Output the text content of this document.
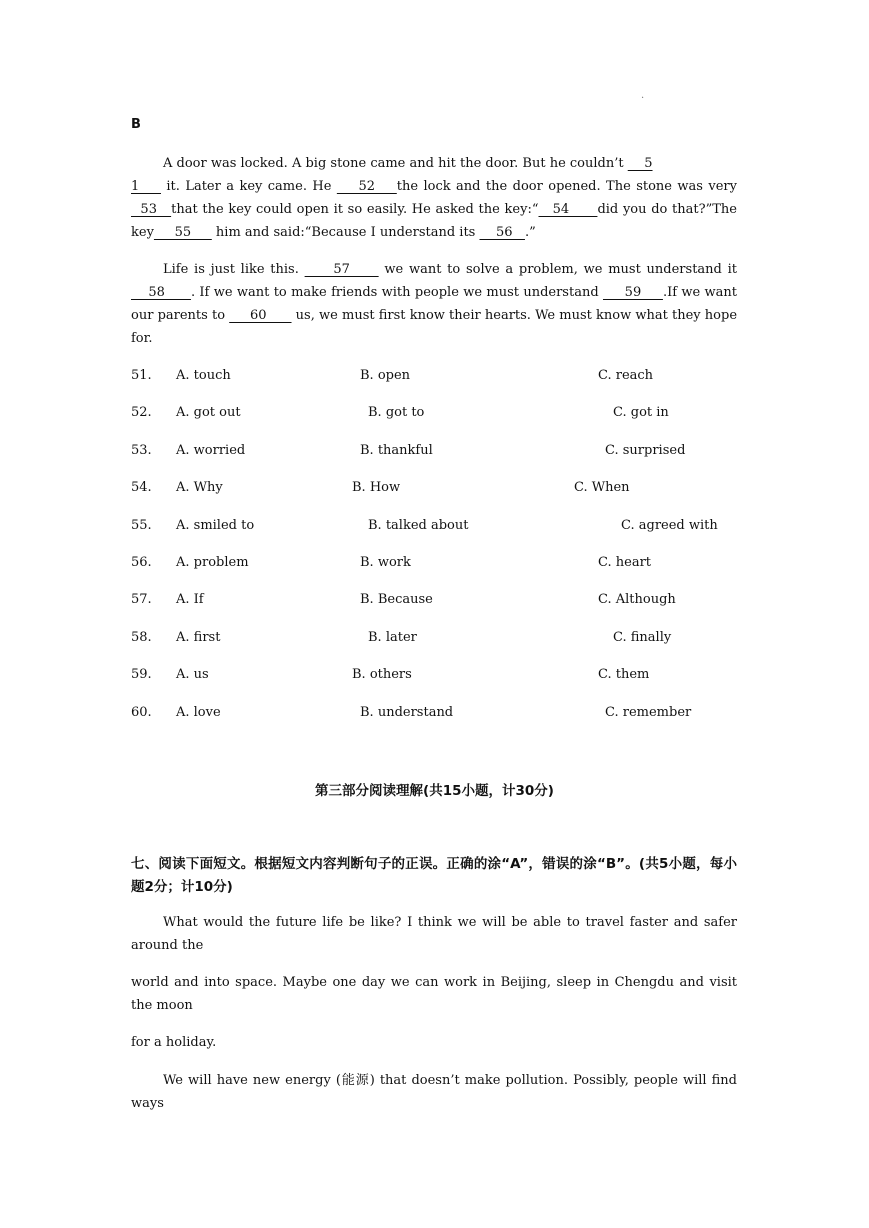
.
B
A door was locked. A big stone came and hit the door. But he couldn’t     5
1     it. Later a key came. He     52    the lock and the door opened. The stone was very  53   that the key could open it so easily. He asked the key:“   54      did you do that?”The key     55      him and said:“Because I understand its     56   .”
Life is just like this.      57      we want to solve a problem, we must understand it     58      . If we want to make friends with people we must understand      59     .If we want our parents to      60       us, we must first know their hearts. We must know what they hope for.
51. A. touch	B. open	C. reach
52. A. got out	B. got to	C. got in
53. A. worried	B. thankful	C. surprised
54. A. Why	B. How	C. When
55. A. smiled to	B. talked about	C. agreed with
56. A. problem	B. work	C. heart
57. A. If	B. Because	C. Although
58. A. first	B. later	C. finally
59. A. us	B. others	C. them
60. A. love	B. understand	C. remember
第三部分阅读理解(共15小题，计30分)
七、阅读下面短文。根据短文内容判断句子的正误。正确的涂“A”，错误的涂“B”。(共5小题，每小题2分；计10分)
What would the future life be like? I think we will be able to travel faster and safer around the
world and into space. Maybe one day we can work in Beijing, sleep in Chengdu and visit the moon
for a holiday.
We will have new energy (能源) that doesn’t make pollution. Possibly, people will find ways
